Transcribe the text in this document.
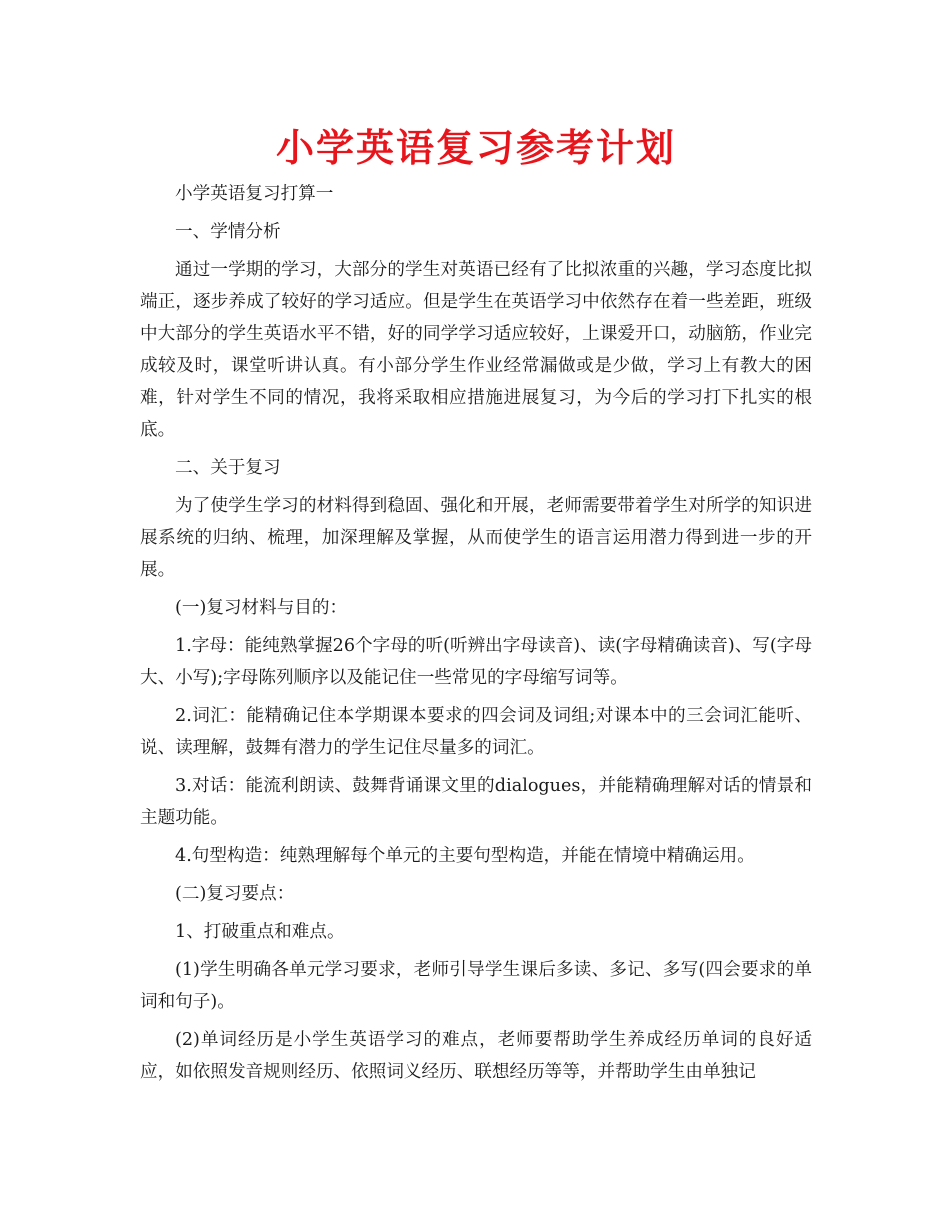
小学英语复习参考计划

小学英语复习打算一

一、学情分析

通过一学期的学习，大部分的学生对英语已经有了比拟浓重的兴趣，学习态度比拟端正，逐步养成了较好的学习适应。但是学生在英语学习中依然存在着一些差距，班级中大部分的学生英语水平不错，好的同学学习适应较好，上课爱开口，动脑筋，作业完成较及时，课堂听讲认真。有小部分学生作业经常漏做或是少做，学习上有教大的困难，针对学生不同的情况，我将采取相应措施进展复习，为今后的学习打下扎实的根底。

二、关于复习

为了使学生学习的材料得到稳固、强化和开展，老师需要带着学生对所学的知识进展系统的归纳、梳理，加深理解及掌握，从而使学生的语言运用潜力得到进一步的开展。

(一)复习材料与目的：

1.字母：能纯熟掌握26个字母的听(听辨出字母读音)、读(字母精确读音)、写(字母大、小写);字母陈列顺序以及能记住一些常见的字母缩写词等。

2.词汇：能精确记住本学期课本要求的四会词及词组;对课本中的三会词汇能听、说、读理解，鼓舞有潜力的学生记住尽量多的词汇。

3.对话：能流利朗读、鼓舞背诵课文里的dialogues，并能精确理解对话的情景和主题功能。

4.句型构造：纯熟理解每个单元的主要句型构造，并能在情境中精确运用。

(二)复习要点：

1、打破重点和难点。

(1)学生明确各单元学习要求，老师引导学生课后多读、多记、多写(四会要求的单词和句子)。

(2)单词经历是小学生英语学习的难点，老师要帮助学生养成经历单词的良好适应，如依照发音规则经历、依照词义经历、联想经历等等，并帮助学生由单独记
